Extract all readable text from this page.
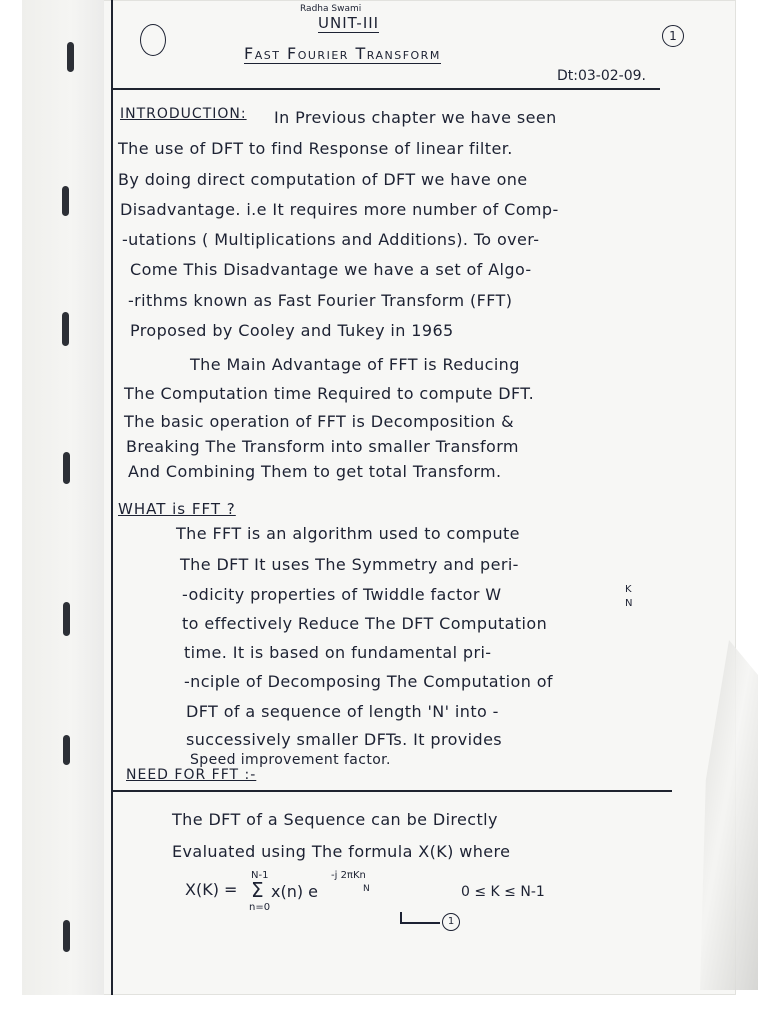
Radha Swami
UNIT-III
1
Fast Fourier Transform
Dt:03-02-09.
INTRODUCTION: In Previous chapter we have seen
The use of DFT to find Response of linear filter.
By doing direct computation of DFT we have one
Disadvantage. i.e It requires more number of Comp-
-utations ( Multiplications and Additions). To over-
Come This Disadvantage we have a set of Algo-
-rithms known as Fast Fourier Transform (FFT)
Proposed by Cooley and Tukey in 1965
The Main Advantage of FFT is Reducing
The Computation time Required to compute DFT.
The basic operation of FFT is Decomposition &
Breaking The Transform into smaller Transform
And Combining Them to get total Transform.
WHAT is FFT ?
The FFT is an algorithm used to compute
The DFT It uses The Symmetry and peri-
-odicity properties of Twiddle factor W	K
N
to effectively Reduce The DFT Computation
time. It is based on fundamental pri-
-nciple of Decomposing The Computation of
DFT of a sequence of length 'N' into -
successively smaller DFTs. It provides
Speed improvement factor.
NEED FOR FFT :-
The DFT of a Sequence can be Directly
Evaluated using The formula X(K) where
X(K) =
N-1
Σ
n=0
x(n) e
-j 2πKn
N	0 ≤ K ≤ N-1
1
